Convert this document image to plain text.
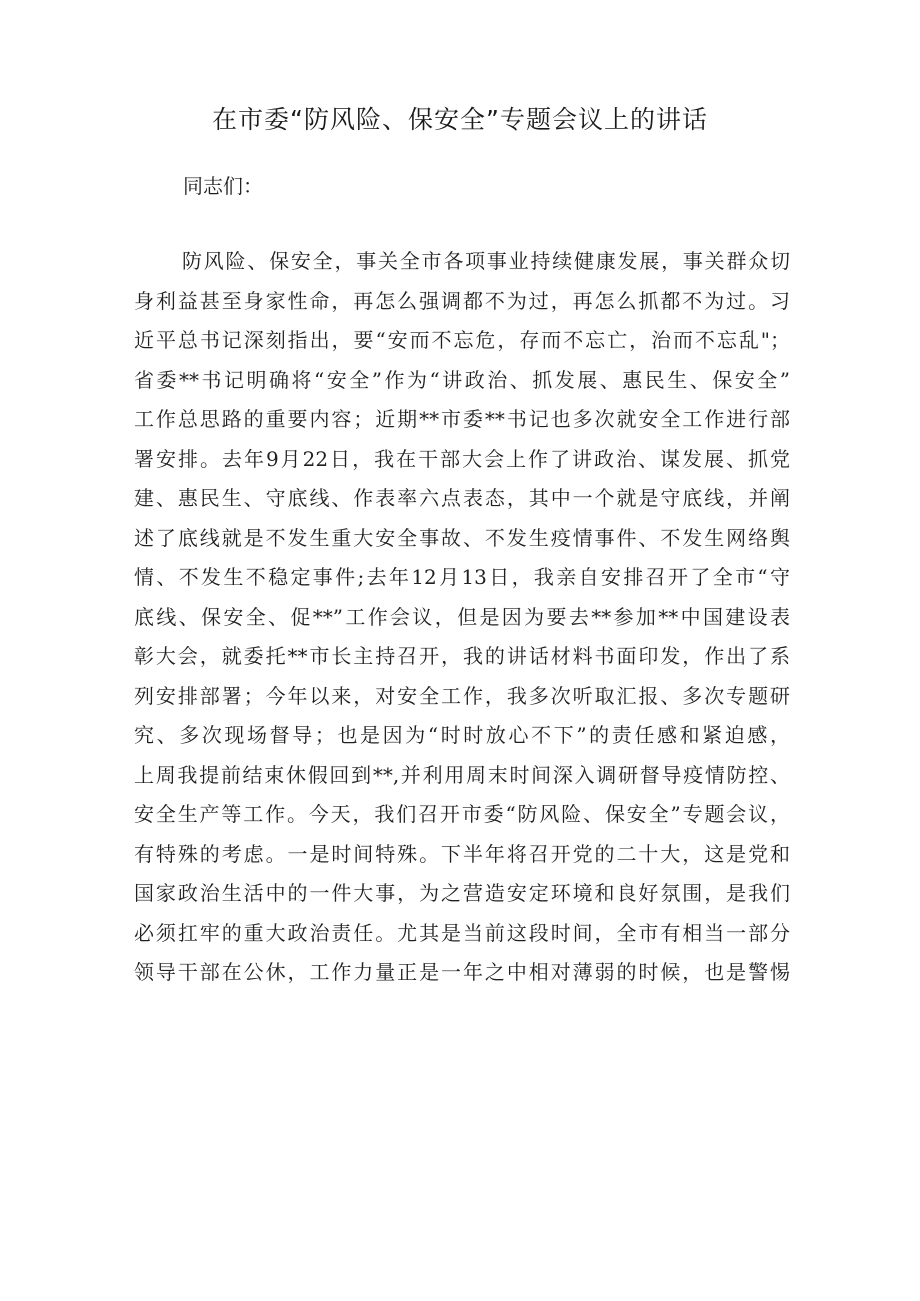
在市委“防风险、保安全”专题会议上的讲话
同志们：
防风险、保安全，事关全市各项事业持续健康发展，事关群众切
身利益甚至身家性命，再怎么强调都不为过，再怎么抓都不为过。习
近平总书记深刻指出，要“安而不忘危，存而不忘亡，治而不忘乱"；
省委**书记明确将“安全”作为“讲政治、抓发展、惠民生、保安全”
工作总思路的重要内容；近期**市委**书记也多次就安全工作进行部
署安排。去年9月22日，我在干部大会上作了讲政治、谋发展、抓党
建、惠民生、守底线、作表率六点表态，其中一个就是守底线，并阐
述了底线就是不发生重大安全事故、不发生疫情事件、不发生网络舆
情、不发生不稳定事件;去年12月13日，我亲自安排召开了全市“守
底线、保安全、促**”工作会议，但是因为要去**参加**中国建设表
彰大会，就委托**市长主持召开，我的讲话材料书面印发，作出了系
列安排部署；今年以来，对安全工作，我多次听取汇报、多次专题研
究、多次现场督导；也是因为“时时放心不下”的责任感和紧迫感，
上周我提前结束休假回到**,并利用周末时间深入调研督导疫情防控、
安全生产等工作。今天，我们召开市委“防风险、保安全”专题会议，
有特殊的考虑。一是时间特殊。下半年将召开党的二十大，这是党和
国家政治生活中的一件大事，为之营造安定环境和良好氛围，是我们
必须扛牢的重大政治责任。尤其是当前这段时间，全市有相当一部分
领导干部在公休，工作力量正是一年之中相对薄弱的时候，也是警惕
